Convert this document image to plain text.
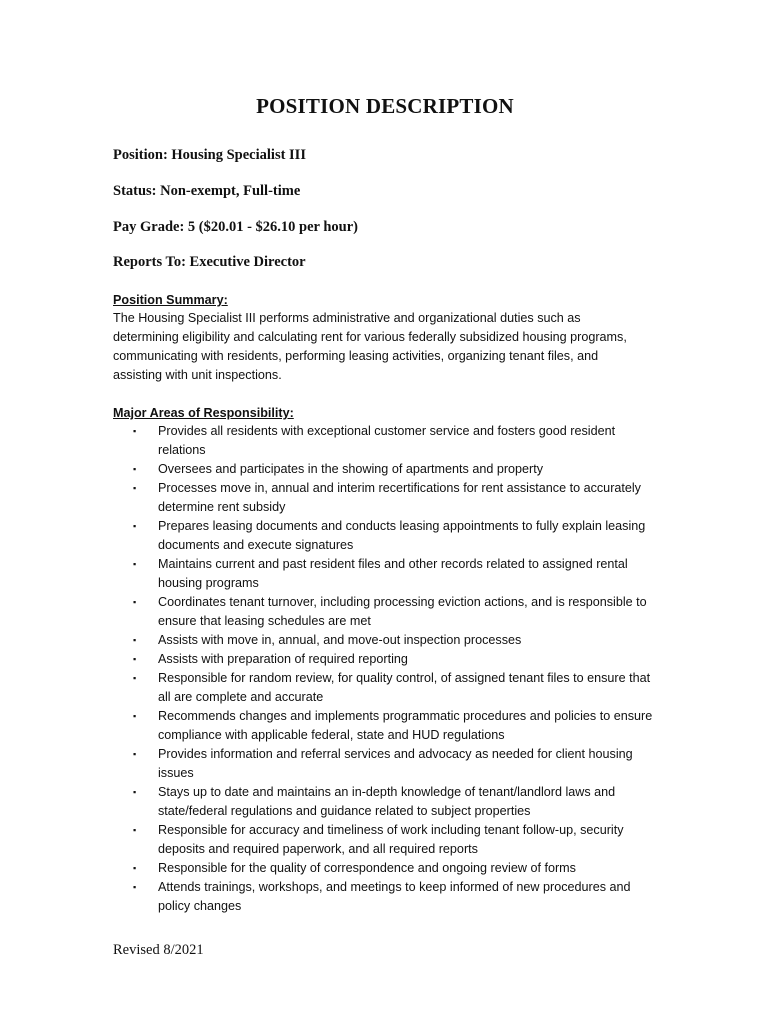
POSITION DESCRIPTION
Position: Housing Specialist III
Status: Non-exempt, Full-time
Pay Grade: 5 ($20.01 - $26.10 per hour)
Reports To: Executive Director
Position Summary:

The Housing Specialist III performs administrative and organizational duties such as determining eligibility and calculating rent for various federally subsidized housing programs, communicating with residents, performing leasing activities, organizing tenant files, and assisting with unit inspections.

Major Areas of Responsibility:
▪ Provides all residents with exceptional customer service and fosters good resident relations
▪ Oversees and participates in the showing of apartments and property
▪ Processes move in, annual and interim recertifications for rent assistance to accurately determine rent subsidy
▪ Prepares leasing documents and conducts leasing appointments to fully explain leasing documents and execute signatures
▪ Maintains current and past resident files and other records related to assigned rental housing programs
▪ Coordinates tenant turnover, including processing eviction actions, and is responsible to ensure that leasing schedules are met
▪ Assists with move in, annual, and move-out inspection processes
▪ Assists with preparation of required reporting
▪ Responsible for random review, for quality control, of assigned tenant files to ensure that all are complete and accurate
▪ Recommends changes and implements programmatic procedures and policies to ensure compliance with applicable federal, state and HUD regulations
▪ Provides information and referral services and advocacy as needed for client housing issues
▪ Stays up to date and maintains an in-depth knowledge of tenant/landlord laws and state/federal regulations and guidance related to subject properties
▪ Responsible for accuracy and timeliness of work including tenant follow-up, security deposits and required paperwork, and all required reports
▪ Responsible for the quality of correspondence and ongoing review of forms
▪ Attends trainings, workshops, and meetings to keep informed of new procedures and policy changes
Revised 8/2021
